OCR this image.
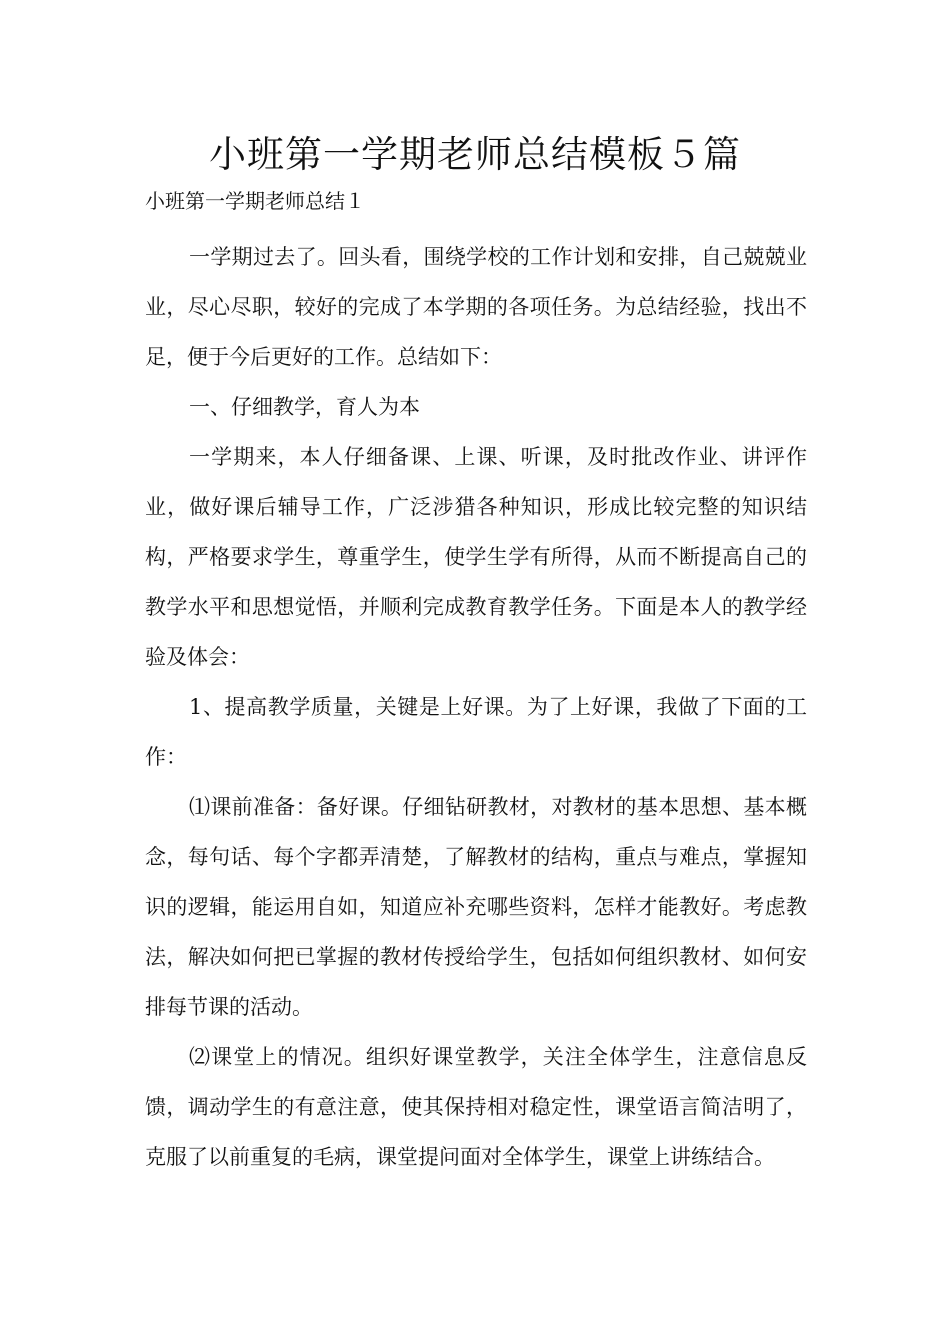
小班第一学期老师总结模板５篇

小班第一学期老师总结１

一学期过去了。回头看，围绕学校的工作计划和安排，自己兢兢业业，尽心尽职，较好的完成了本学期的各项任务。为总结经验，找出不足，便于今后更好的工作。总结如下：

一、仔细教学，育人为本

一学期来，本人仔细备课、上课、听课，及时批改作业、讲评作业，做好课后辅导工作，广泛涉猎各种知识，形成比较完整的知识结构，严格要求学生，尊重学生，使学生学有所得，从而不断提高自己的教学水平和思想觉悟，并顺利完成教育教学任务。下面是本人的教学经验及体会：

1、提高教学质量，关键是上好课。为了上好课，我做了下面的工作：

⑴课前准备：备好课。仔细钻研教材，对教材的基本思想、基本概念，每句话、每个字都弄清楚，了解教材的结构，重点与难点，掌握知识的逻辑，能运用自如，知道应补充哪些资料，怎样才能教好。考虑教法，解决如何把已掌握的教材传授给学生，包括如何组织教材、如何安排每节课的活动。

⑵课堂上的情况。组织好课堂教学，关注全体学生，注意信息反馈，调动学生的有意注意，使其保持相对稳定性，课堂语言简洁明了，克服了以前重复的毛病，课堂提问面对全体学生，课堂上讲练结合。
